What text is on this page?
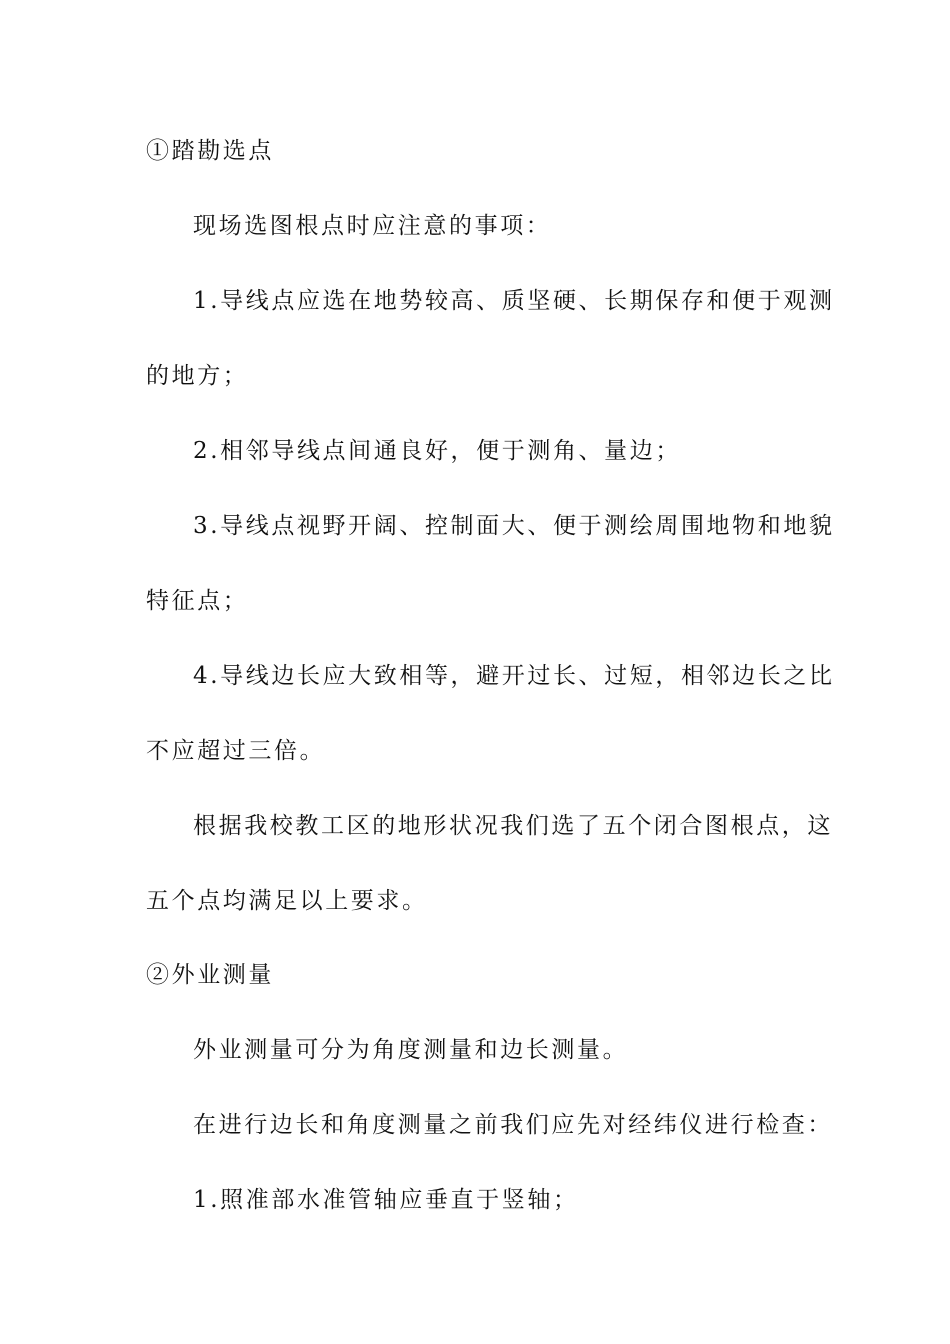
①踏勘选点
现场选图根点时应注意的事项：
1.导线点应选在地势较高、质坚硬、长期保存和便于观测
的地方；
2.相邻导线点间通良好，便于测角、量边；
3.导线点视野开阔、控制面大、便于测绘周围地物和地貌
特征点；
4.导线边长应大致相等，避开过长、过短，相邻边长之比
不应超过三倍。
根据我校教工区的地形状况我们选了五个闭合图根点，这
五个点均满足以上要求。
②外业测量
外业测量可分为角度测量和边长测量。
在进行边长和角度测量之前我们应先对经纬仪进行检查：
1.照准部水准管轴应垂直于竖轴；
